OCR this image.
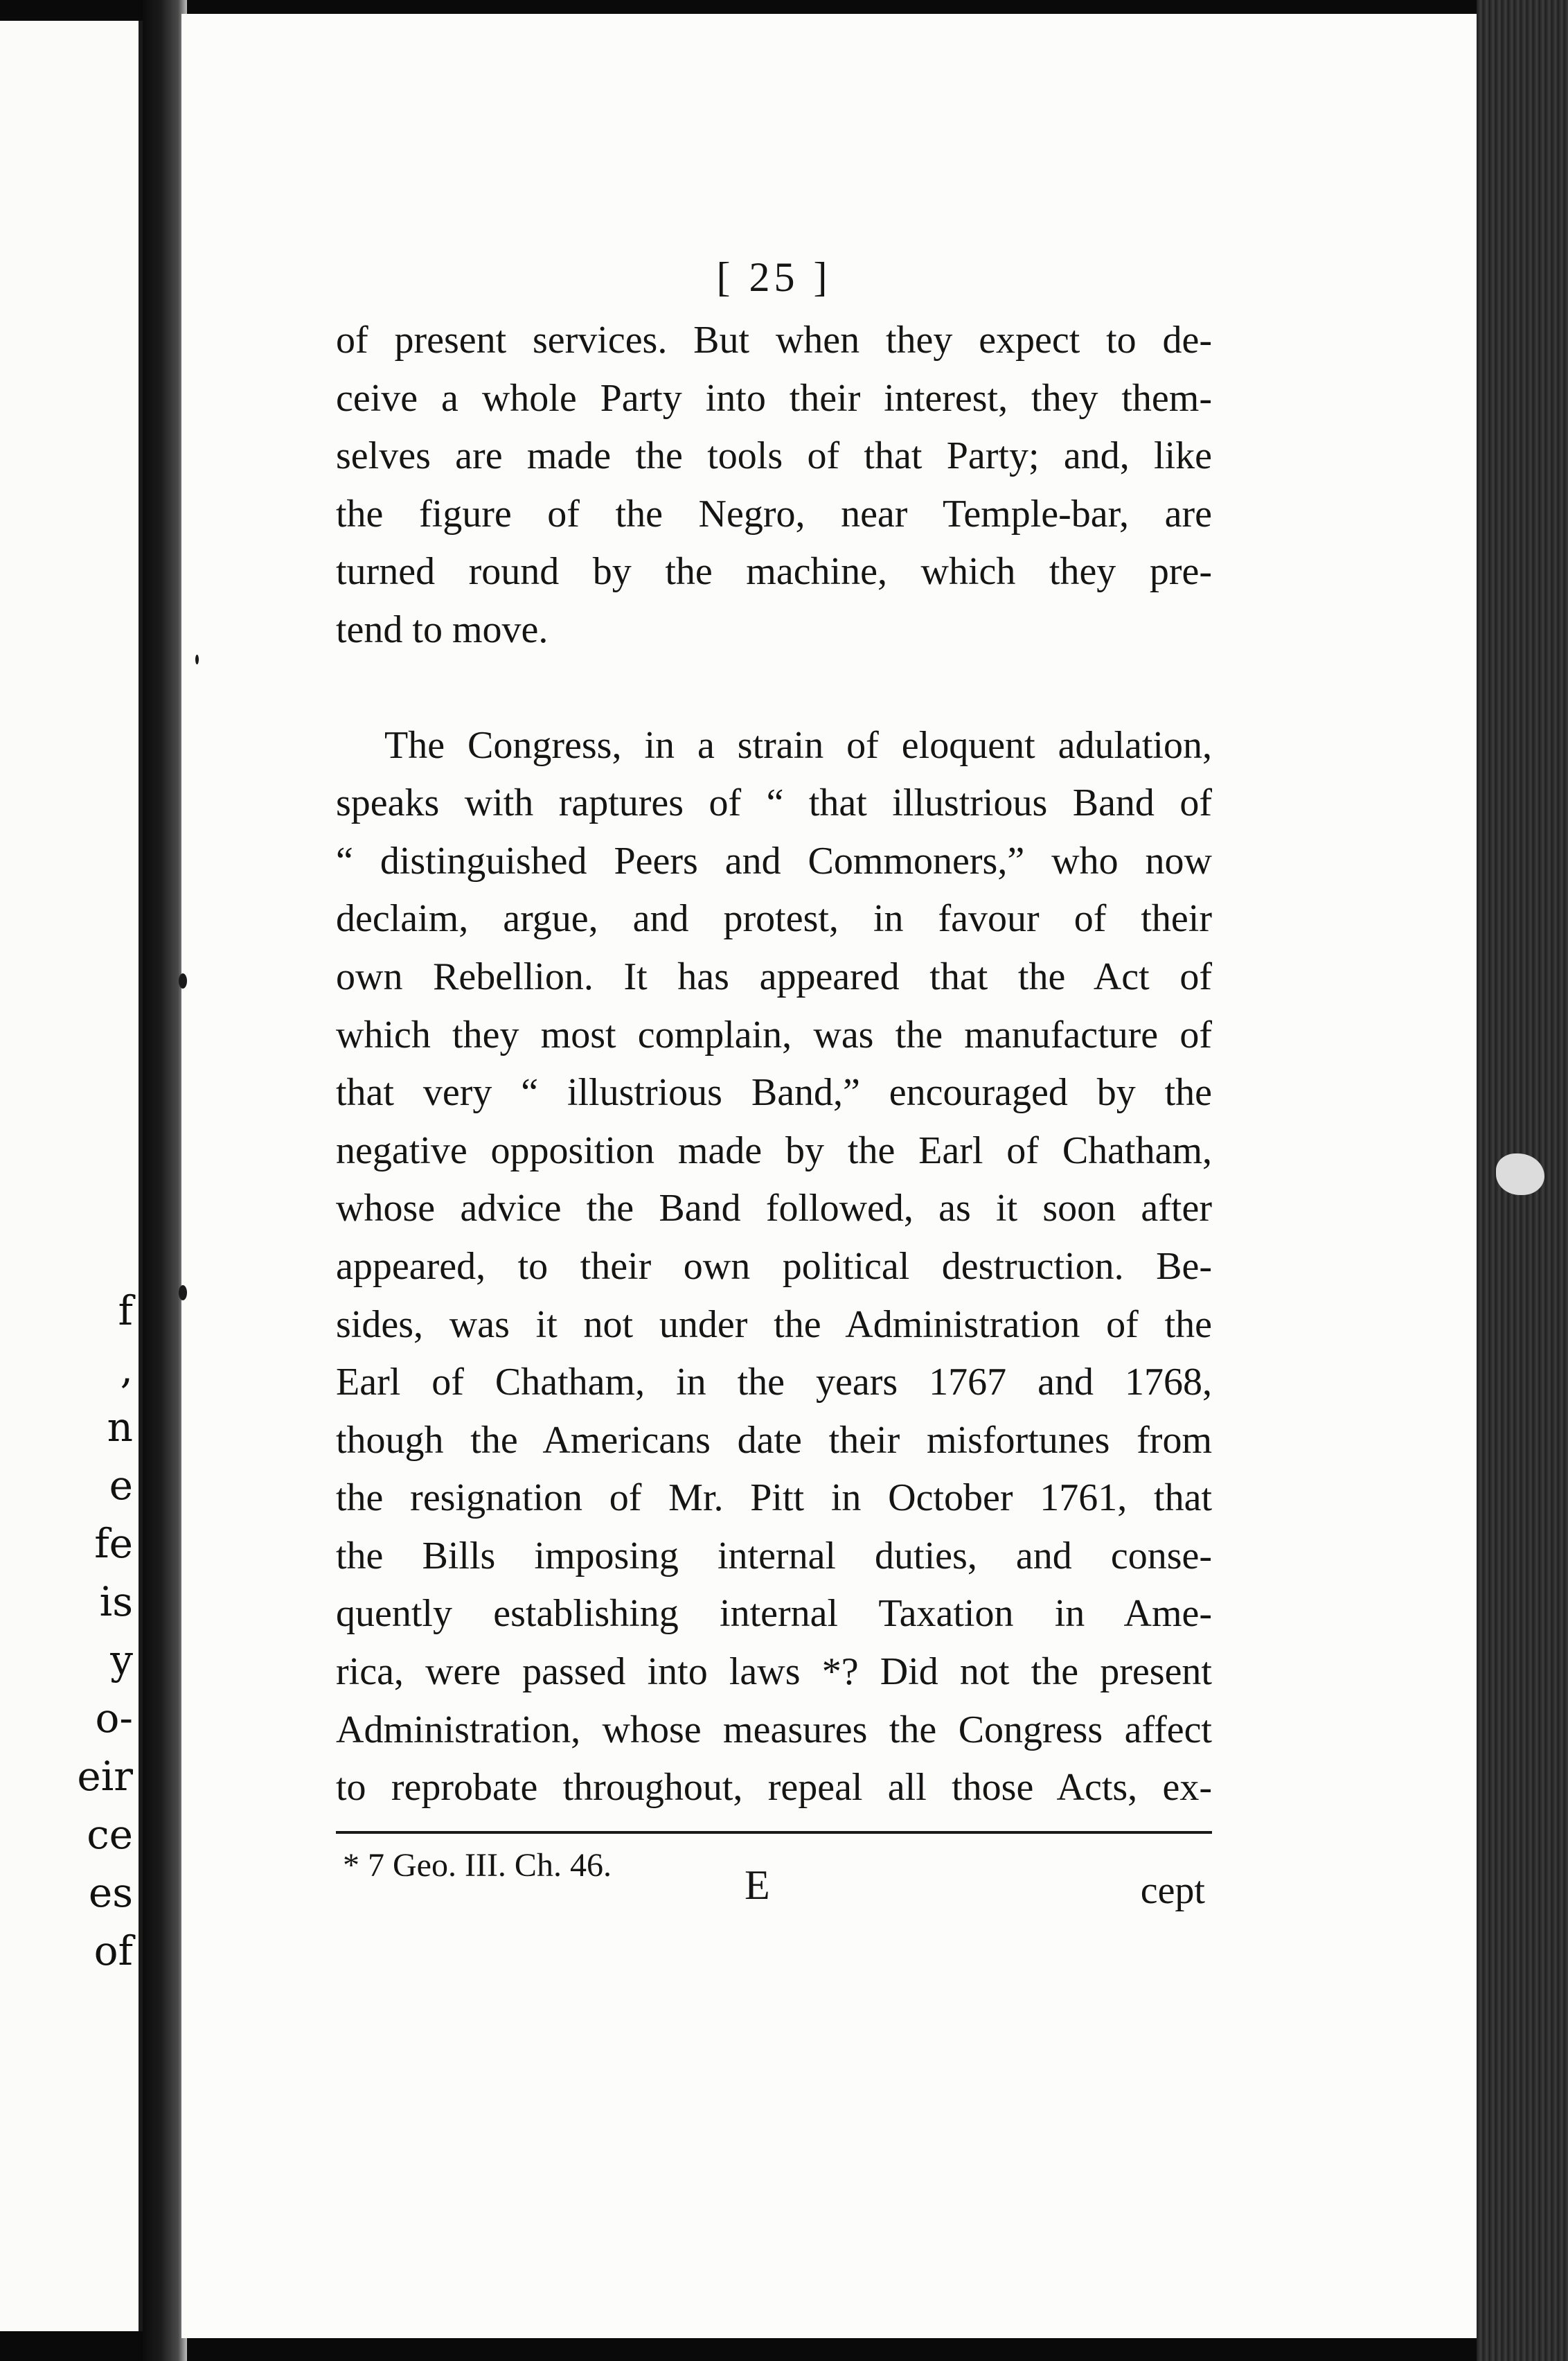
f
,
n
e
fe
is
y
o-
eir
ce
es
of
[ 25 ]
of present services. But when they expect to de-
ceive a whole Party into their interest, they them-
selves are made the tools of that Party; and, like
the figure of the Negro, near Temple-bar, are
turned round by the machine, which they pre-
tend to move.
The Congress, in a strain of eloquent adulation,
speaks with raptures of “ that illustrious Band of
“ distinguished Peers and Commoners,” who now
declaim, argue, and protest, in favour of their
own Rebellion. It has appeared that the Act of
which they most complain, was the manufacture of
that very “ illustrious Band,” encouraged by the
negative opposition made by the Earl of Chatham,
whose advice the Band followed, as it soon after
appeared, to their own political destruction. Be-
sides, was it not under the Administration of the
Earl of Chatham, in the years 1767 and 1768,
though the Americans date their misfortunes from
the resignation of Mr. Pitt in October 1761, that
the Bills imposing internal duties, and conse-
quently establishing internal Taxation in Ame-
rica, were passed into laws *? Did not the present
Administration, whose measures the Congress affect
to reprobate throughout, repeal all those Acts, ex-
* 7 Geo. III. Ch. 46.	E	cept
